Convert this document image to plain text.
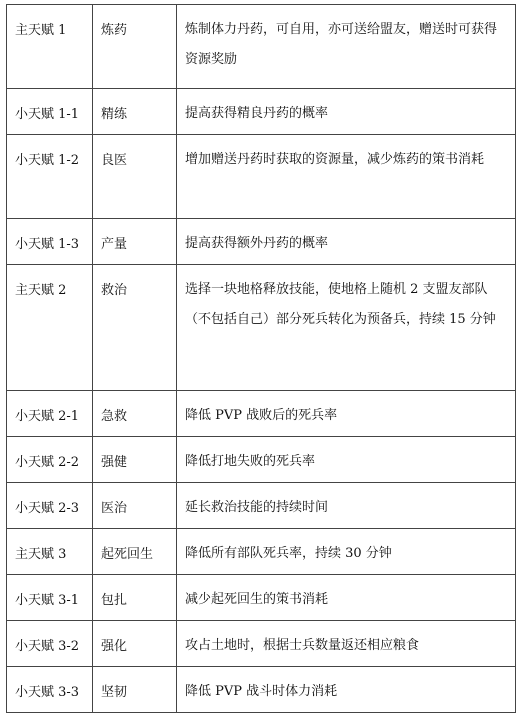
主天赋 1	炼药	炼制体力丹药，可自用，亦可送给盟友，赠送时可获得资源奖励

小天赋 1-1	精练	提高获得精良丹药的概率

小天赋 1-2	良医	增加赠送丹药时获取的资源量，减少炼药的策书消耗

小天赋 1-3	产量	提高获得额外丹药的概率

主天赋 2	救治	选择一块地格释放技能，使地格上随机 2 支盟友部队（不包括自己）部分死兵转化为预备兵，持续 15 分钟

小天赋 2-1	急救	降低 PVP 战败后的死兵率

小天赋 2-2	强健	降低打地失败的死兵率

小天赋 2-3	医治	延长救治技能的持续时间

主天赋 3	起死回生	降低所有部队死兵率，持续 30 分钟

小天赋 3-1	包扎	减少起死回生的策书消耗

小天赋 3-2	强化	攻占土地时，根据士兵数量返还相应粮食

小天赋 3-3	坚韧	降低 PVP 战斗时体力消耗
